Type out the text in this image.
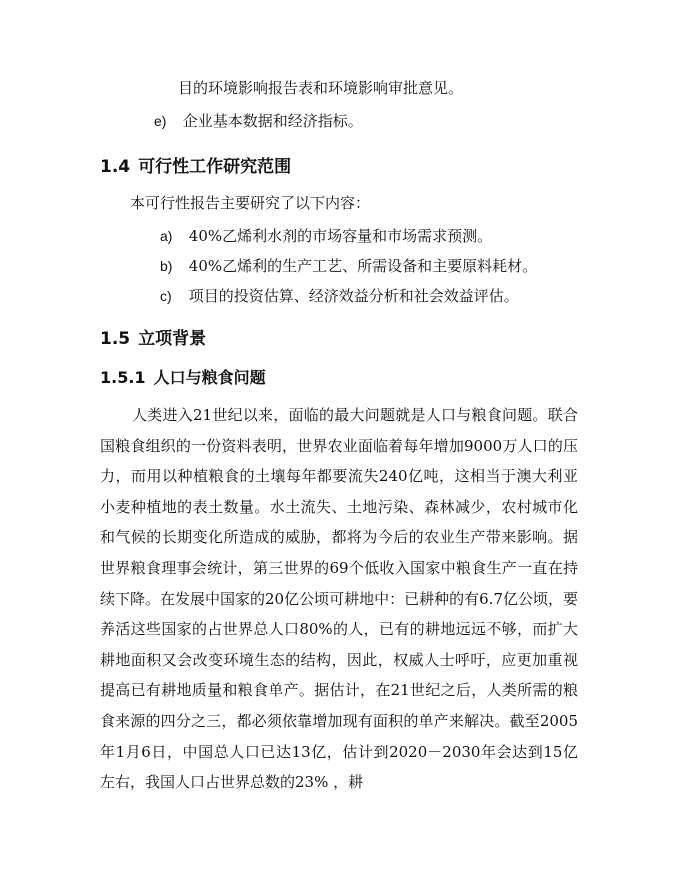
目的环境影响报告表和环境影响审批意见。
e) 企业基本数据和经济指标。
1.4 可行性工作研究范围
本可行性报告主要研究了以下内容：
a) 40%乙烯利水剂的市场容量和市场需求预测。
b) 40%乙烯利的生产工艺、所需设备和主要原料耗材。
c) 项目的投资估算、经济效益分析和社会效益评估。
1.5 立项背景
1.5.1 人口与粮食问题

人类进入21世纪以来，面临的最大问题就是人口与粮食问题。联合国粮食组织的一份资料表明，世界农业面临着每年增加9000万人口的压力，而用以种植粮食的土壤每年都要流失240亿吨，这相当于澳大利亚小麦种植地的表土数量。水土流失、土地污染、森林减少，农村城市化和气候的长期变化所造成的威胁，都将为今后的农业生产带来影响。据世界粮食理事会统计，第三世界的69个低收入国家中粮食生产一直在持续下降。在发展中国家的20亿公顷可耕地中：已耕种的有6.7亿公顷，要养活这些国家的占世界总人口80%的人，已有的耕地远远不够，而扩大耕地面积又会改变环境生态的结构，因此，权威人士呼吁，应更加重视提高已有耕地质量和粮食单产。据估计，在21世纪之后，人类所需的粮食来源的四分之三，都必须依靠增加现有面积的单产来解决。截至2005年1月6日，中国总人口已达13亿，估计到2020－2030年会达到15亿左右，我国人口占世界总数的23% ，耕
